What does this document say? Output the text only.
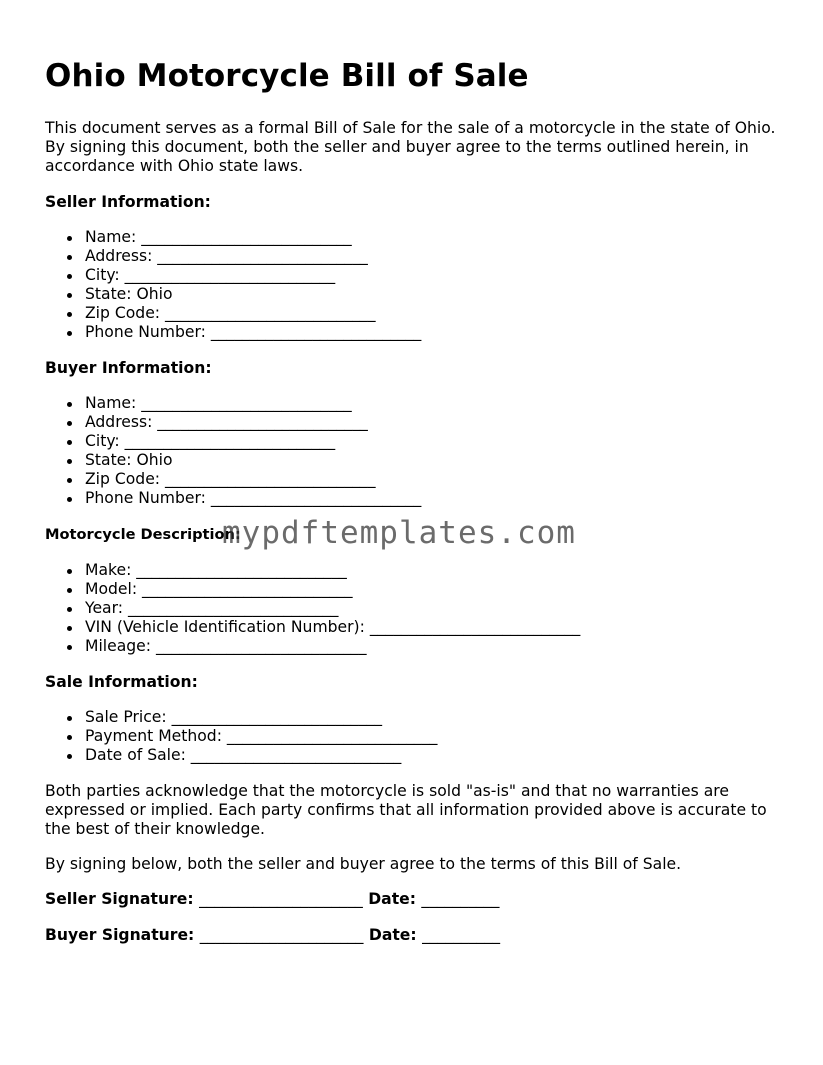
Ohio Motorcycle Bill of Sale

This document serves as a formal Bill of Sale for the sale of a motorcycle in the state of Ohio. By signing this document, both the seller and buyer agree to the terms outlined herein, in accordance with Ohio state laws.

Seller Information:

Name: ___________________________
Address: ___________________________
City: ___________________________
State: Ohio
Zip Code: ___________________________
Phone Number: ___________________________

Buyer Information:

Name: ___________________________
Address: ___________________________
City: ___________________________
State: Ohio
Zip Code: ___________________________
Phone Number: ___________________________

Motorcycle Description:

Make: ___________________________
Model: ___________________________
Year: ___________________________
VIN (Vehicle Identification Number): ___________________________
Mileage: ___________________________

Sale Information:

Sale Price: ___________________________
Payment Method: ___________________________
Date of Sale: ___________________________

Both parties acknowledge that the motorcycle is sold "as-is" and that no warranties are expressed or implied. Each party confirms that all information provided above is accurate to the best of their knowledge.

By signing below, both the seller and buyer agree to the terms of this Bill of Sale.

Seller Signature: _____________________ Date: __________

Buyer Signature: _____________________ Date: __________

mypdftemplates.com
